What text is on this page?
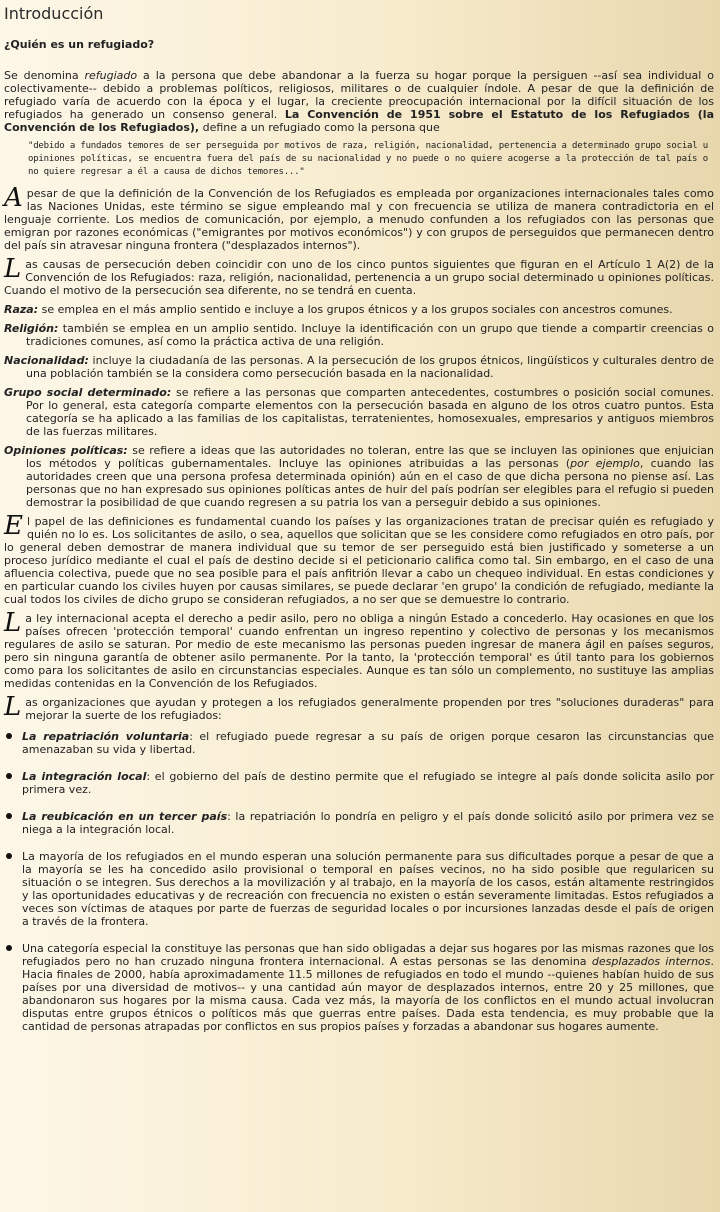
Introducción
¿Quién es un refugiado?

Se denomina refugiado a la persona que debe abandonar a la fuerza su hogar porque la persiguen --así sea individual o colectivamente-- debido a problemas políticos, religiosos, militares o de cualquier índole. A pesar de que la definición de refugiado varía de acuerdo con la época y el lugar, la creciente preocupación internacional por la difícil situación de los refugiados ha generado un consenso general. La Convención de 1951 sobre el Estatuto de los Refugiados (la Convención de los Refugiados), define a un refugiado como la persona que

"debido a fundados temores de ser perseguida por motivos de raza, religión, nacionalidad, pertenencia a determinado grupo social u opiniones políticas, se encuentra fuera del país de su nacionalidad y no puede o no quiere acogerse a la protección de tal país o no quiere regresar a él a causa de dichos temores..."

A pesar de que la definición de la Convención de los Refugiados es empleada por organizaciones internacionales tales como las Naciones Unidas, este término se sigue empleando mal y con frecuencia se utiliza de manera contradictoria en el lenguaje corriente. Los medios de comunicación, por ejemplo, a menudo confunden a los refugiados con las personas que emigran por razones económicas ("emigrantes por motivos económicos") y con grupos de perseguidos que permanecen dentro del país sin atravesar ninguna frontera ("desplazados internos").

Las causas de persecución deben coincidir con uno de los cinco puntos siguientes que figuran en el Artículo 1 A(2) de la Convención de los Refugiados: raza, religión, nacionalidad, pertenencia a un grupo social determinado u opiniones políticas. Cuando el motivo de la persecución sea diferente, no se tendrá en cuenta.

Raza: se emplea en el más amplio sentido e incluye a los grupos étnicos y a los grupos sociales con ancestros comunes.

Religión: también se emplea en un amplio sentido. Incluye la identificación con un grupo que tiende a compartir creencias o tradiciones comunes, así como la práctica activa de una religión.

Nacionalidad: incluye la ciudadanía de las personas. A la persecución de los grupos étnicos, lingüísticos y culturales dentro de una población también se la considera como persecución basada en la nacionalidad.

Grupo social determinado: se refiere a las personas que comparten antecedentes, costumbres o posición social comunes. Por lo general, esta categoría comparte elementos con la persecución basada en alguno de los otros cuatro puntos. Esta categoría se ha aplicado a las familias de los capitalistas, terratenientes, homosexuales, empresarios y antiguos miembros de las fuerzas militares.

Opiniones políticas: se refiere a ideas que las autoridades no toleran, entre las que se incluyen las opiniones que enjuician los métodos y políticas gubernamentales. Incluye las opiniones atribuidas a las personas (por ejemplo, cuando las autoridades creen que una persona profesa determinada opinión) aún en el caso de que dicha persona no piense así. Las personas que no han expresado sus opiniones políticas antes de huir del país podrían ser elegibles para el refugio si pueden demostrar la posibilidad de que cuando regresen a su patria los van a perseguir debido a sus opiniones.

El papel de las definiciones es fundamental cuando los países y las organizaciones tratan de precisar quién es refugiado y quién no lo es. Los solicitantes de asilo, o sea, aquellos que solicitan que se les considere como refugiados en otro país, por lo general deben demostrar de manera individual que su temor de ser perseguido está bien justificado y someterse a un proceso jurídico mediante el cual el país de destino decide si el peticionario califica como tal. Sin embargo, en el caso de una afluencia colectiva, puede que no sea posible para el país anfitrión llevar a cabo un chequeo individual. En estas condiciones y en particular cuando los civiles huyen por causas similares, se puede declarar 'en grupo' la condición de refugiado, mediante la cual todos los civiles de dicho grupo se consideran refugiados, a no ser que se demuestre lo contrario.

La ley internacional acepta el derecho a pedir asilo, pero no obliga a ningún Estado a concederlo. Hay ocasiones en que los países ofrecen 'protección temporal' cuando enfrentan un ingreso repentino y colectivo de personas y los mecanismos regulares de asilo se saturan. Por medio de este mecanismo las personas pueden ingresar de manera ágil en países seguros, pero sin ninguna garantía de obtener asilo permanente. Por la tanto, la 'protección temporal' es útil tanto para los gobiernos como para los solicitantes de asilo en circunstancias especiales. Aunque es tan sólo un complemento, no sustituye las amplias medidas contenidas en la Convención de los Refugiados.

Las organizaciones que ayudan y protegen a los refugiados generalmente propenden por tres "soluciones duraderas" para mejorar la suerte de los refugiados:

La repatriación voluntaria: el refugiado puede regresar a su país de origen porque cesaron las circunstancias que amenazaban su vida y libertad.
La integración local: el gobierno del país de destino permite que el refugiado se integre al país donde solicita asilo por primera vez.
La reubicación en un tercer país: la repatriación lo pondría en peligro y el país donde solicitó asilo por primera vez se niega a la integración local.
La mayoría de los refugiados en el mundo esperan una solución permanente para sus dificultades porque a pesar de que a la mayoría se les ha concedido asilo provisional o temporal en países vecinos, no ha sido posible que regularicen su situación o se integren. Sus derechos a la movilización y al trabajo, en la mayoría de los casos, están altamente restringidos y las oportunidades educativas y de recreación con frecuencia no existen o están severamente limitadas. Estos refugiados a veces son víctimas de ataques por parte de fuerzas de seguridad locales o por incursiones lanzadas desde el país de origen a través de la frontera.
Una categoría especial la constituye las personas que han sido obligadas a dejar sus hogares por las mismas razones que los refugiados pero no han cruzado ninguna frontera internacional. A estas personas se las denomina desplazados internos. Hacia finales de 2000, había aproximadamente 11.5 millones de refugiados en todo el mundo --quienes habían huido de sus países por una diversidad de motivos-- y una cantidad aún mayor de desplazados internos, entre 20 y 25 millones, que abandonaron sus hogares por la misma causa. Cada vez más, la mayoría de los conflictos en el mundo actual involucran disputas entre grupos étnicos o políticos más que guerras entre países. Dada esta tendencia, es muy probable que la cantidad de personas atrapadas por conflictos en sus propios países y forzadas a abandonar sus hogares aumente.
